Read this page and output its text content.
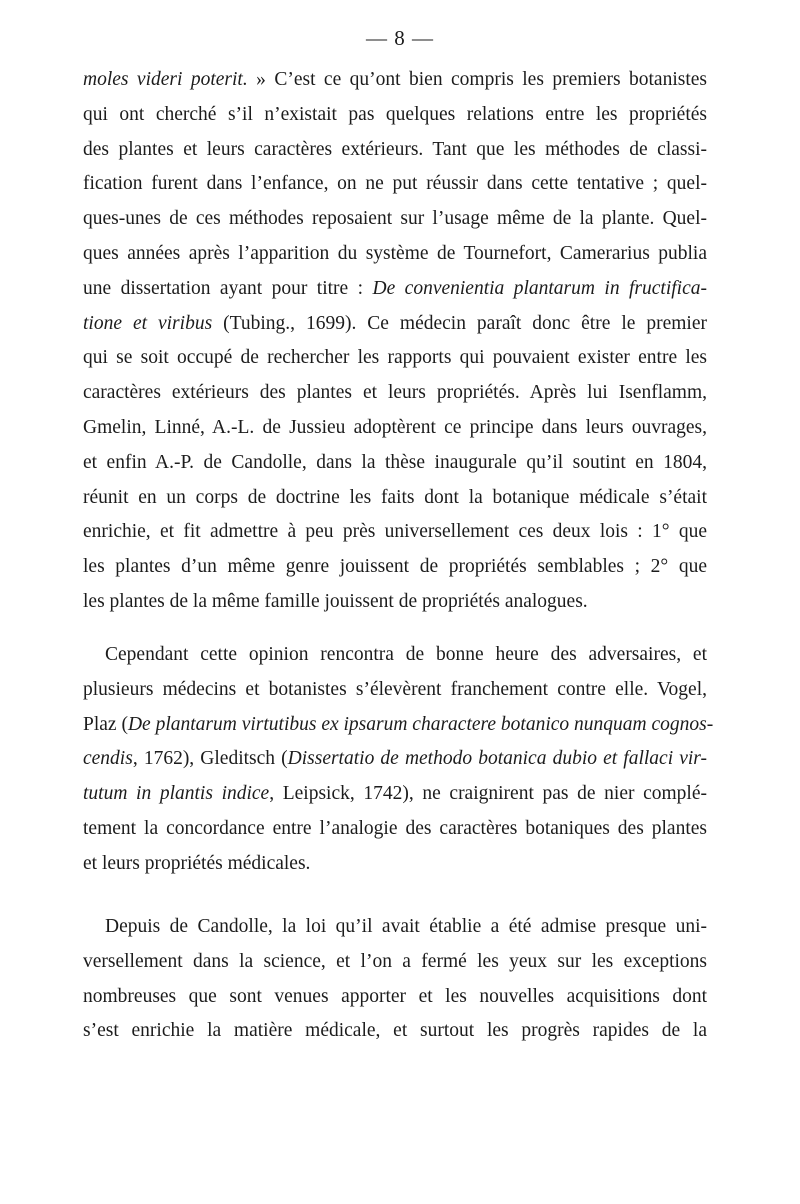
— 8 —
moles videri poterit. » C’est ce qu’ont bien compris les premiers botanistes
qui ont cherché s’il n’existait pas quelques relations entre les propriétés
des plantes et leurs caractères extérieurs. Tant que les méthodes de classi-
fication furent dans l’enfance, on ne put réussir dans cette tentative ; quel-
ques-unes de ces méthodes reposaient sur l’usage même de la plante. Quel-
ques années après l’apparition du système de Tournefort, Camerarius publia
une dissertation ayant pour titre : De convenientia plantarum in fructifica-
tione et viribus (Tubing., 1699). Ce médecin paraît donc être le premier
qui se soit occupé de rechercher les rapports qui pouvaient exister entre les
caractères extérieurs des plantes et leurs propriétés. Après lui Isenflamm,
Gmelin, Linné, A.-L. de Jussieu adoptèrent ce principe dans leurs ouvrages,
et enfin A.-P. de Candolle, dans la thèse inaugurale qu’il soutint en 1804,
réunit en un corps de doctrine les faits dont la botanique médicale s’était
enrichie, et fit admettre à peu près universellement ces deux lois : 1° que
les plantes d’un même genre jouissent de propriétés semblables ; 2° que
les plantes de la même famille jouissent de propriétés analogues.
Cependant cette opinion rencontra de bonne heure des adversaires, et
plusieurs médecins et botanistes s’élevèrent franchement contre elle. Vogel,
Plaz (De plantarum virtutibus ex ipsarum charactere botanico nunquam cognos-
cendis, 1762), Gleditsch (Dissertatio de methodo botanica dubio et fallaci vir-
tutum in plantis indice, Leipsick, 1742), ne craignirent pas de nier complé-
tement la concordance entre l’analogie des caractères botaniques des plantes
et leurs propriétés médicales.
Depuis de Candolle, la loi qu’il avait établie a été admise presque uni-
versellement dans la science, et l’on a fermé les yeux sur les exceptions
nombreuses que sont venues apporter et les nouvelles acquisitions dont
s’est enrichie la matière médicale, et surtout les progrès rapides de la
